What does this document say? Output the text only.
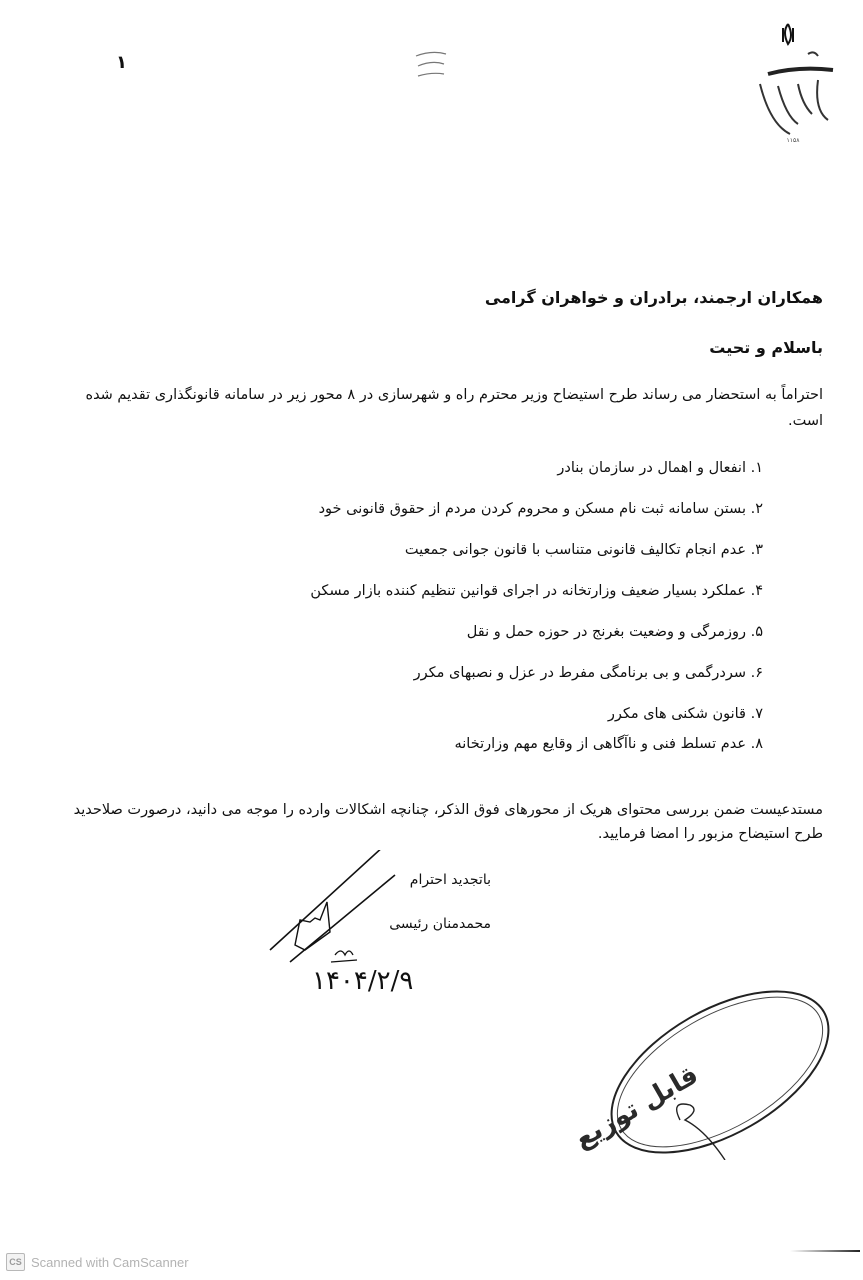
۱
۱۱۵۸
همکاران ارجمند، برادران و خواهران گرامی
باسلام و تحیت
احتراماً به استحضار می رساند طرح استیضاح وزیر محترم راه و شهرسازی در ۸ محور زیر در سامانه قانونگذاری تقدیم شده است.
۱. انفعال و اهمال در سازمان بنادر
۲. بستن سامانه ثبت نام مسکن و محروم کردن مردم از حقوق قانونی خود
۳. عدم انجام تکالیف قانونی متناسب با قانون جوانی جمعیت
۴. عملکرد بسیار ضعیف وزارتخانه در اجرای قوانین تنظیم کننده بازار مسکن
۵. روزمرگی و وضعیت بغرنج در حوزه حمل و نقل
۶. سردرگمی و بی برنامگی مفرط در عزل و نصبهای مکرر
۷. قانون شکنی های مکرر
۸. عدم تسلط فنی و ناآگاهی از وقایع مهم وزارتخانه
مستدعیست ضمن بررسی محتوای هریک از محورهای فوق الذکر، چنانچه اشکالات وارده را موجه می دانید، درصورت صلاحدید طرح استیضاح مزبور را امضا فرمایید.
باتجدید احترام
محمدمنان رئیسی
۱۴۰۴/۲/۹
قابل توزیع
CS Scanned with CamScanner
